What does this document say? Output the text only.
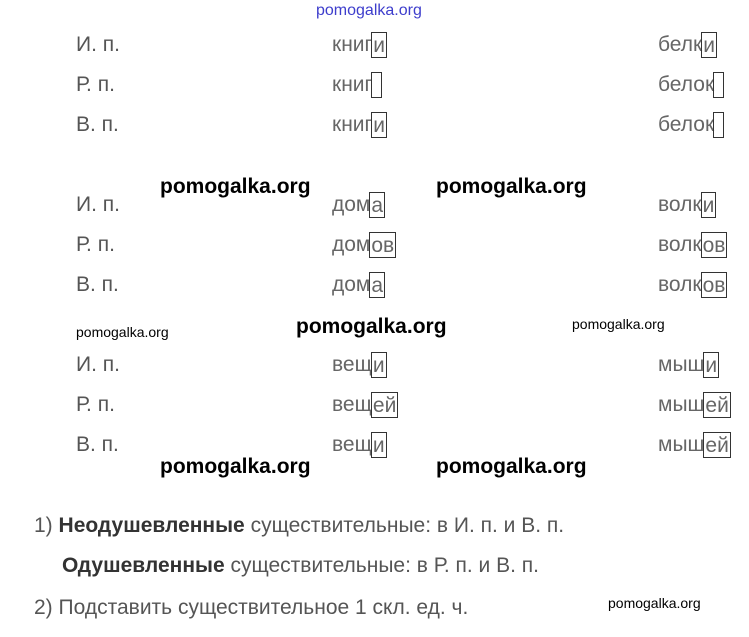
pomogalka.org
pomogalka.org	pomogalka.org
pomogalka.org
pomogalka.org	pomogalka.org
pomogalka.org	pomogalka.org
pomogalka.org
И. п.	книги	белки
Р. п.	книг	белок
В. п.	книги	белок
И. п.	дома	волки
Р. п.	домов	волков
В. п.	дома	волков
И. п.	вещи	мыши
Р. п.	вещей	мышей
В. п.	вещи	мышей
1) Неодушевленные существительные: в И. п. и В. п.
Одушевленные существительные: в Р. п. и В. п.
2) Подставить существительное 1 скл. ед. ч.
